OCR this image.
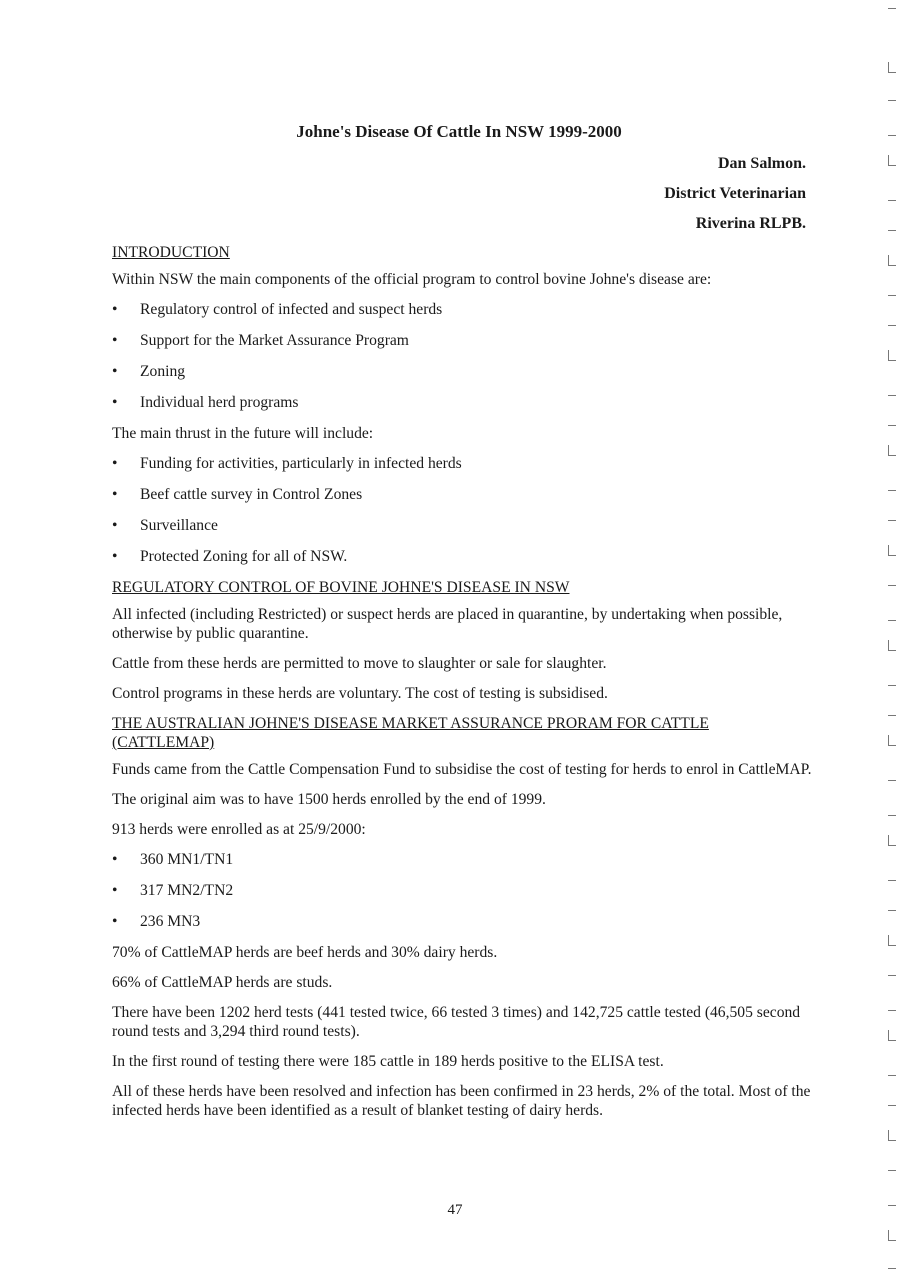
Johne's Disease Of Cattle In NSW 1999-2000
Dan Salmon.
District Veterinarian
Riverina RLPB.
INTRODUCTION
Within NSW the main components of the official program to control bovine Johne's disease are:
• Regulatory control of infected and suspect herds
• Support for the Market Assurance Program
• Zoning
• Individual herd programs
The main thrust in the future will include:
• Funding for activities, particularly in infected herds
• Beef cattle survey in Control Zones
• Surveillance
• Protected Zoning for all of NSW.
REGULATORY CONTROL OF BOVINE JOHNE'S DISEASE IN NSW
All infected (including Restricted) or suspect herds are placed in quarantine, by undertaking when possible, otherwise by public quarantine.
Cattle from these herds are permitted to move to slaughter or sale for slaughter.
Control programs in these herds are voluntary. The cost of testing is subsidised.
THE AUSTRALIAN JOHNE'S DISEASE MARKET ASSURANCE PRORAM FOR CATTLE (CATTLEMAP)
Funds came from the Cattle Compensation Fund to subsidise the cost of testing for herds to enrol in CattleMAP.
The original aim was to have 1500 herds enrolled by the end of 1999.
913 herds were enrolled as at 25/9/2000:
• 360 MN1/TN1
• 317 MN2/TN2
• 236 MN3
70% of CattleMAP herds are beef herds and 30% dairy herds.
66% of CattleMAP herds are studs.
There have been 1202 herd tests (441 tested twice, 66 tested 3 times) and 142,725 cattle tested (46,505 second round tests and 3,294 third round tests).
In the first round of testing there were 185 cattle in 189 herds positive to the ELISA test.
All of these herds have been resolved and infection has been confirmed in 23 herds, 2% of the total. Most of the infected herds have been identified as a result of blanket testing of dairy herds.
47
